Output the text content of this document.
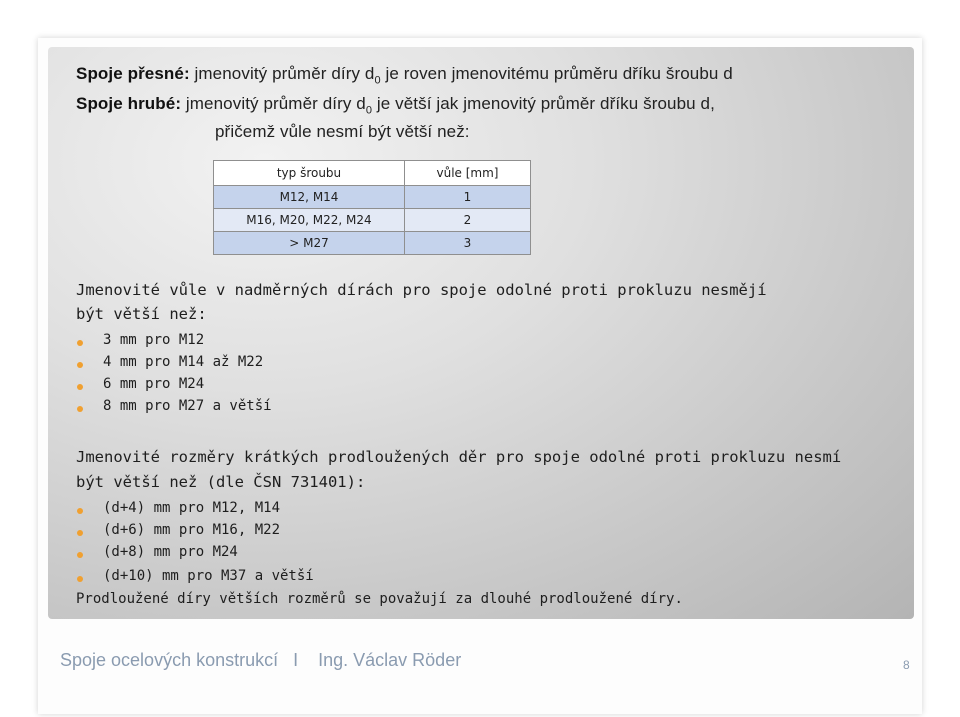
Spoje přesné: jmenovitý průměr díry $d_0$ je roven jmenovitému průměru dříku šroubu d
Spoje hrubé: jmenovitý průměr díry $d_0$ je větší jak jmenovitý průměr dříku šroubu d,
přičemž vůle nesmí být větší než:
typ šroubu	vůle [mm]
M12, M14	1
M16, M20, M22, M24	2
> M27	3
Jmenovité vůle v nadměrných dírách pro spoje odolné proti prokluzu nesmějí
být větší než:
3 mm pro M12
4 mm pro M14 až M22
6 mm pro M24
8 mm pro M27 a větší
Jmenovité rozměry krátkých prodloužených děr pro spoje odolné proti prokluzu nesmí
být větší než (dle ČSN 731401):
(d+4) mm pro M12, M14
(d+6) mm pro M16, M22
(d+8) mm pro M24
(d+10) mm pro M37 a větší
Prodloužené díry větších rozměrů se považují za dlouhé prodloužené díry.
Spoje ocelových konstrukcí   I    Ing. Václav Röder	8
